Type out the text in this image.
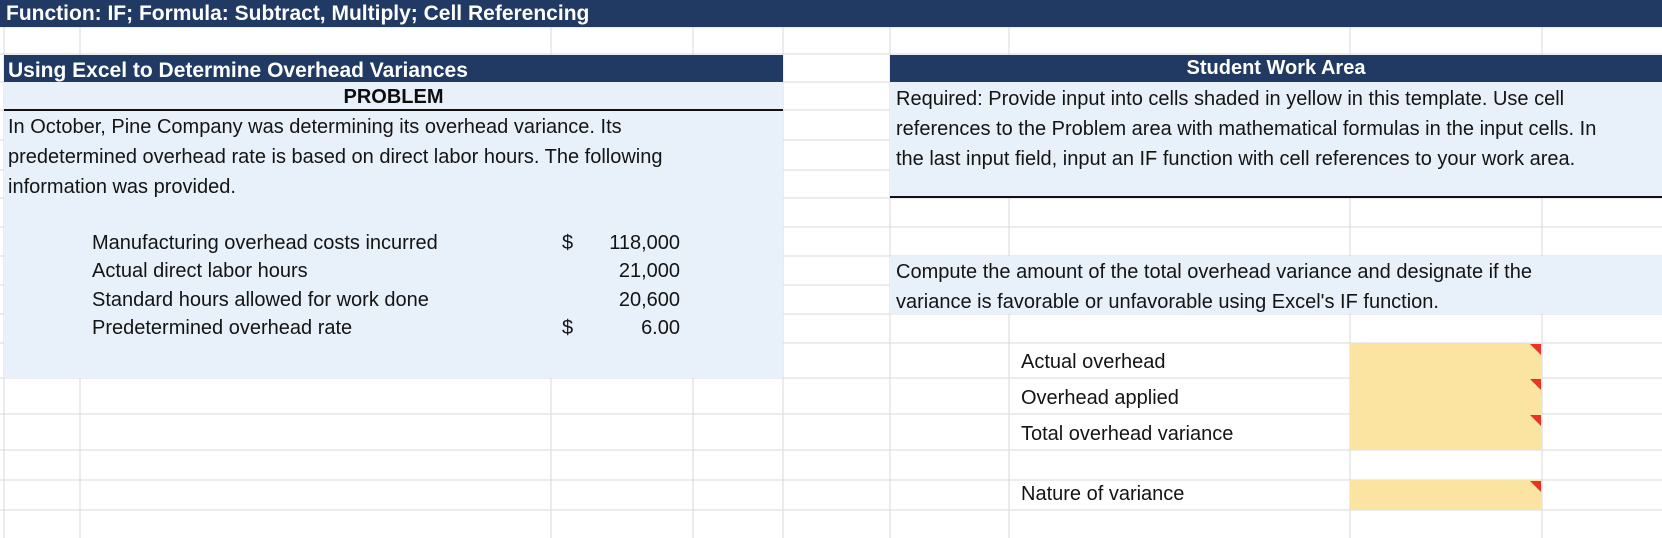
Function: IF; Formula: Subtract, Multiply; Cell Referencing
Using Excel to Determine Overhead Variances
PROBLEM
In October, Pine Company was determining its overhead variance. Its
predetermined overhead rate is based on direct labor hours. The following
information was provided.
Manufacturing overhead costs incurred	$	118,000
Actual direct labor hours	21,000
Standard hours allowed for work done	20,600
Predetermined overhead rate	$	6.00
Student Work Area
Required: Provide input into cells shaded in yellow in this template. Use cell
references to the Problem area with mathematical formulas in the input cells. In
the last input field, input an IF function with cell references to your work area.
Compute the amount of the total overhead variance and designate if the
variance is favorable or unfavorable using Excel's IF function.
Actual overhead
Overhead applied
Total overhead variance
Nature of variance
